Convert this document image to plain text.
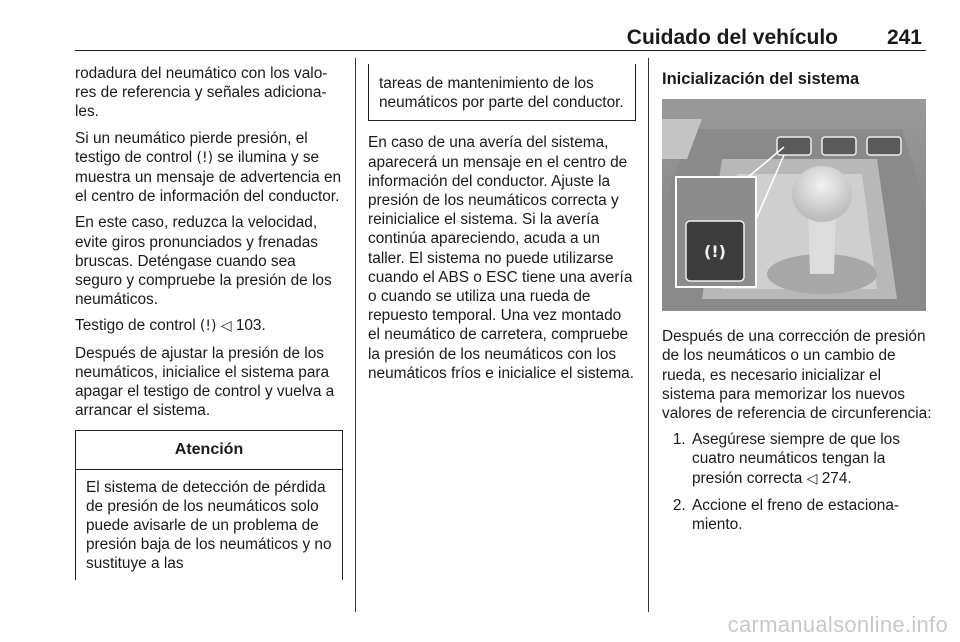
Cuidado del vehículo 241

rodadura del neumático con los valores de referencia y señales adicionales.

Si un neumático pierde presión, el testigo de control (!) se ilumina y se muestra un mensaje de advertencia en el centro de información del conductor.

En este caso, reduzca la velocidad, evite giros pronunciados y frenadas bruscas. Deténgase cuando sea seguro y compruebe la presión de los neumáticos.

Testigo de control (!) ◁ 103.

Después de ajustar la presión de los neumáticos, inicialice el sistema para apagar el testigo de control y vuelva a arrancar el sistema.

Atención
El sistema de detección de pérdida de presión de los neumáticos solo puede avisarle de un problema de presión baja de los neumáticos y no sustituye a las
tareas de mantenimiento de los neumáticos por parte del conductor.

En caso de una avería del sistema, aparecerá un mensaje en el centro de información del conductor. Ajuste la presión de los neumáticos correcta y reinicialice el sistema. Si la avería continúa apareciendo, acuda a un taller. El sistema no puede utilizarse cuando el ABS o ESC tiene una avería o cuando se utiliza una rueda de repuesto temporal. Una vez montado el neumático de carretera, compruebe la presión de los neumáticos con los neumáticos fríos e inicialice el sistema.

Inicialización del sistema
(!)

Después de una corrección de presión de los neumáticos o un cambio de rueda, es necesario inicializar el sistema para memorizar los nuevos valores de referencia de circunferencia:

1. Asegúrese siempre de que los cuatro neumáticos tengan la presión correcta ◁ 274.
2. Accione el freno de estacionamiento.
carmanualsonline.info
